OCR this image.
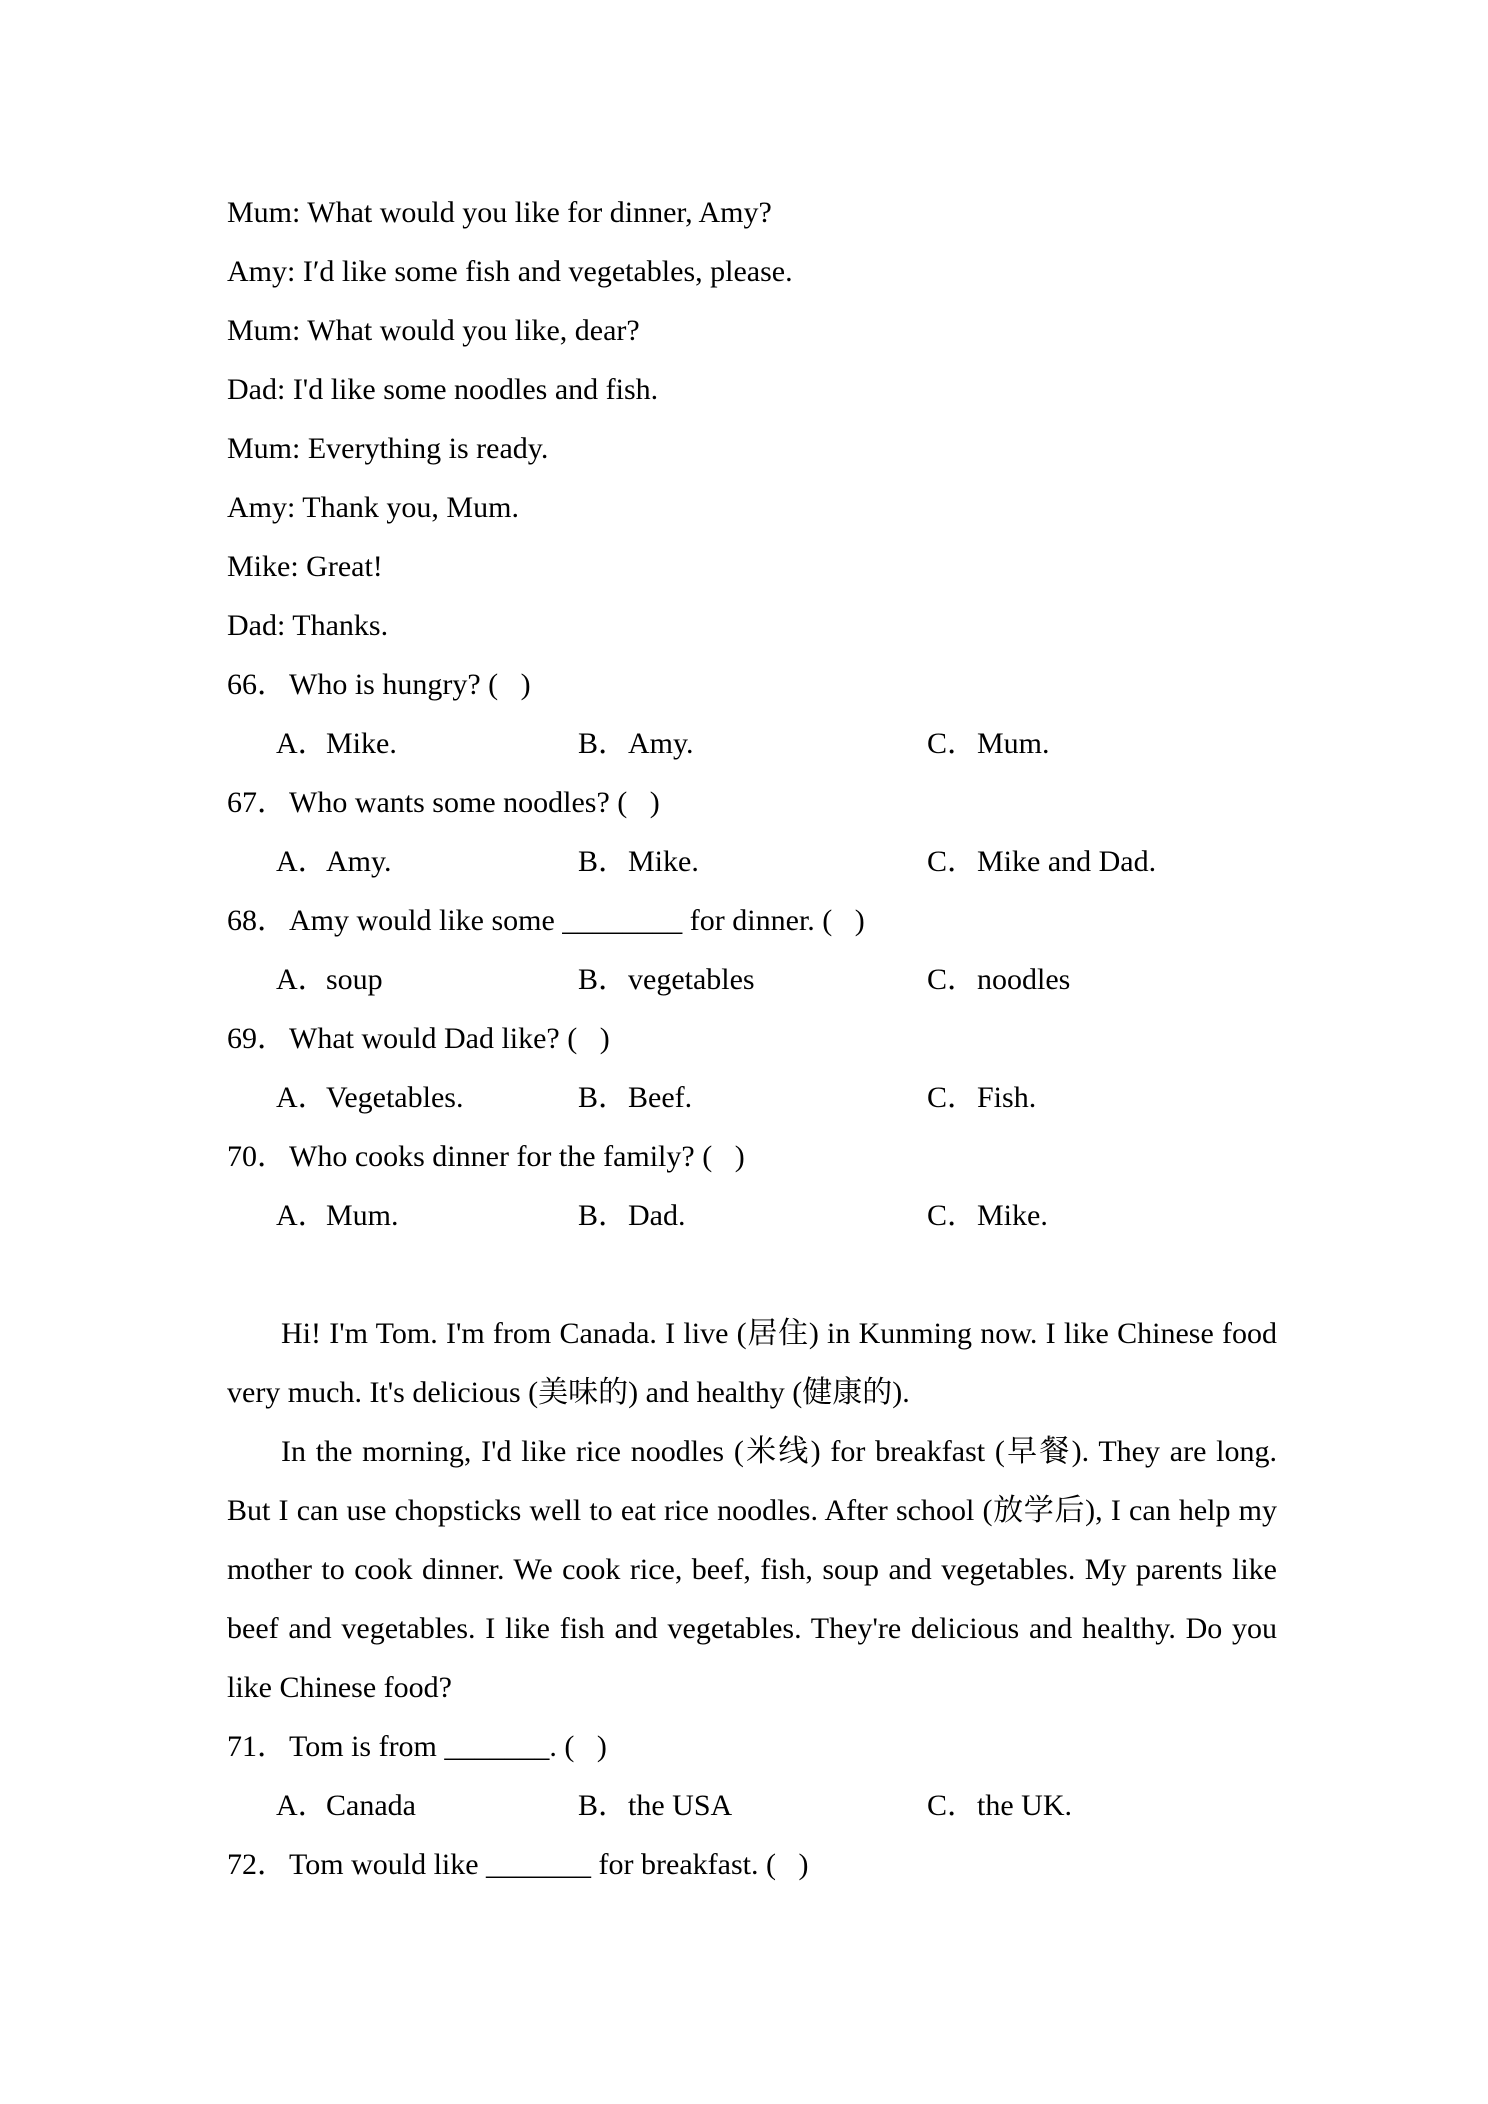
Mum: What would you like for dinner, Amy?
Amy: I′d like some fish and vegetables, please.
Mum: What would you like, dear?
Dad: I'd like some noodles and fish.
Mum: Everything is ready.
Amy: Thank you, Mum.
Mike: Great!
Dad: Thanks.
66．Who is hungry? (   )

A．Mike.

	B．Amy.

	C．Mum.

67．Who wants some noodles? (   )

A．Amy.

	B．Mike.

	C．Mike and Dad.

68．Amy would like some ________ for dinner. (   )

A．soup

	B．vegetables

	C．noodles

69．What would Dad like? (   )

A．Vegetables.

	B．Beef.

	C．Fish.

70．Who cooks dinner for the family? (   )

A．Mum.

	B．Dad.

	C．Mike.

Hi! I'm Tom. I'm from Canada. I live (居住) in Kunming now. I like Chinese food
very much. It's delicious (美味的) and healthy (健康的).
In the morning, I'd like rice noodles (米线) for breakfast (早餐). They are long.
But I can use chopsticks well to eat rice noodles. After school (放学后), I can help my
mother to cook dinner. We cook rice, beef, fish, soup and vegetables. My parents like
beef and vegetables. I like fish and vegetables. They're delicious and healthy. Do you
like Chinese food?
71．Tom is from _______. (   )

A．Canada

	B．the USA

	C．the UK.

72．Tom would like _______ for breakfast. (   )
